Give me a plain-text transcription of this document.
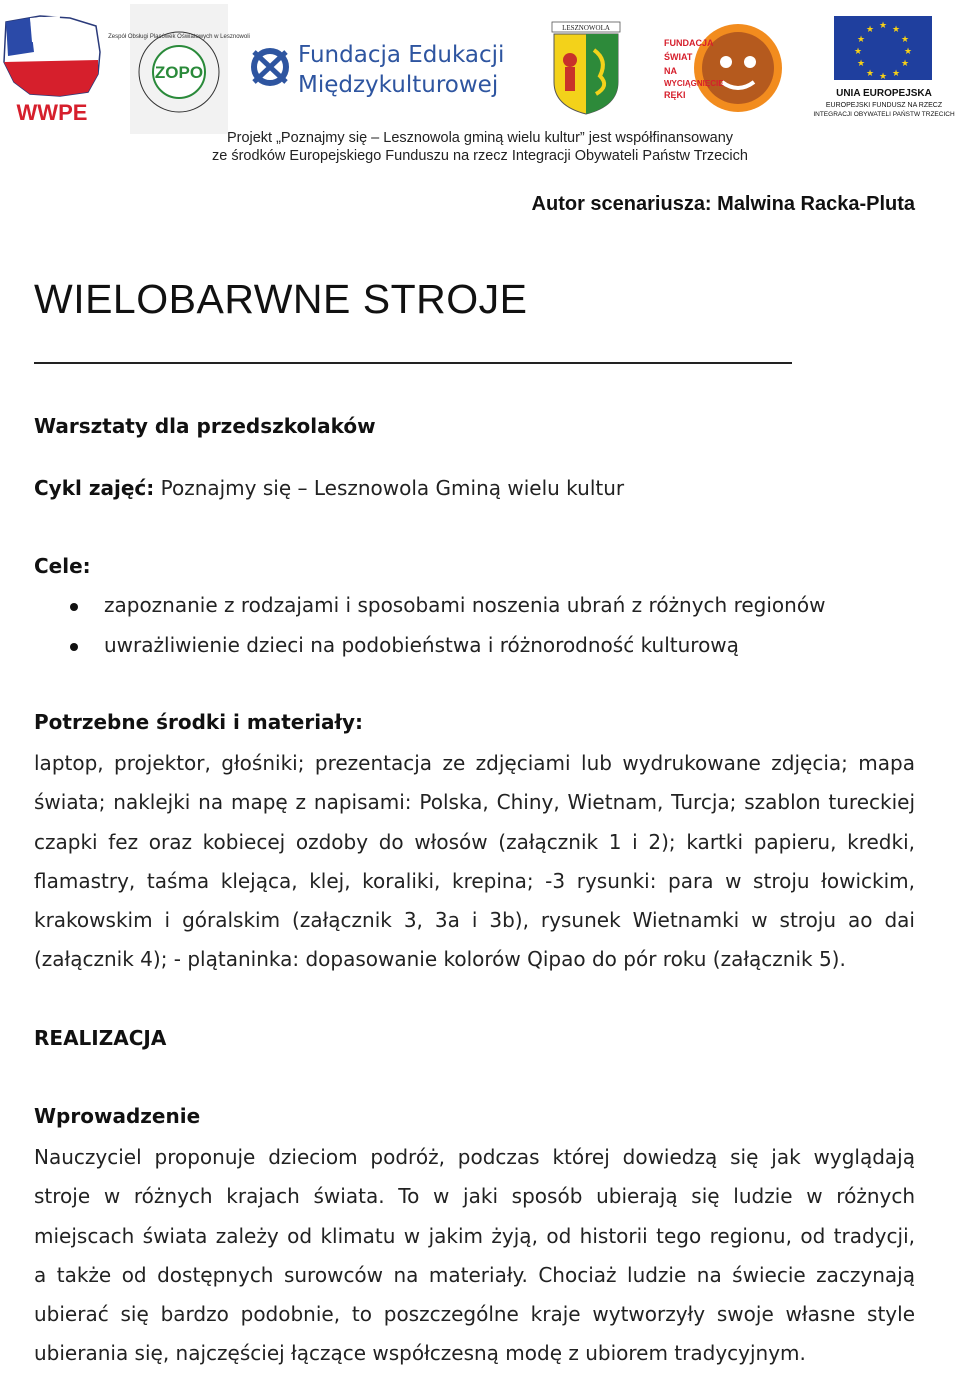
WWPE
ZOPO
Zespół Obsługi Placówek Oświatowych w Lesznowoli
Fundacja Edukacji
Międzykulturowej
LESZNOWOLA
FUNDACJA
ŚWIAT
NA
WYCIĄGNIĘCIE
RĘKI
★ ★
★
★
★
★
★
★
★
★
★
★
UNIA EUROPEJSKA
EUROPEJSKI FUNDUSZ NA RZECZ
INTEGRACJI OBYWATELI PAŃSTW TRZECICH
Projekt „Poznajmy się – Lesznowola gminą wielu kultur” jest współfinansowany
ze środków Europejskiego Funduszu na rzecz Integracji Obywateli Państw Trzecich
Autor scenariusza: Malwina Racka-Pluta
WIELOBARWNE STROJE
Warsztaty dla przedszkolaków
Cykl zajęć: Poznajmy się – Lesznowola Gminą wielu kultur
Cele:
zapoznanie z rodzajami i sposobami noszenia ubrań z różnych regionów
uwrażliwienie dzieci na podobieństwa i różnorodność kulturową
Potrzebne środki i materiały:
laptop, projektor, głośniki; prezentacja ze zdjęciami lub wydrukowane zdjęcia; mapa
świata; naklejki na mapę z napisami: Polska, Chiny, Wietnam, Turcja; szablon tureckiej
czapki fez oraz kobiecej ozdoby do włosów (załącznik 1 i 2); kartki papieru, kredki,
flamastry, taśma klejąca, klej, koraliki, krepina; -3 rysunki: para w stroju łowickim,
krakowskim i góralskim (załącznik 3, 3a i 3b), rysunek Wietnamki w stroju ao dai
(załącznik 4); - plątaninka: dopasowanie kolorów Qipao do pór roku (załącznik 5).
REALIZACJA
Wprowadzenie
Nauczyciel proponuje dzieciom podróż, podczas której dowiedzą się jak wyglądają
stroje w różnych krajach świata. To w jaki sposób ubierają się ludzie w różnych
miejscach świata zależy od klimatu w jakim żyją, od historii tego regionu, od tradycji,
a także od dostępnych surowców na materiały. Chociaż ludzie na świecie zaczynają
ubierać się bardzo podobnie, to poszczególne kraje wytworzyły swoje własne style
ubierania się, najczęściej łączące współczesną modę z ubiorem tradycyjnym.
